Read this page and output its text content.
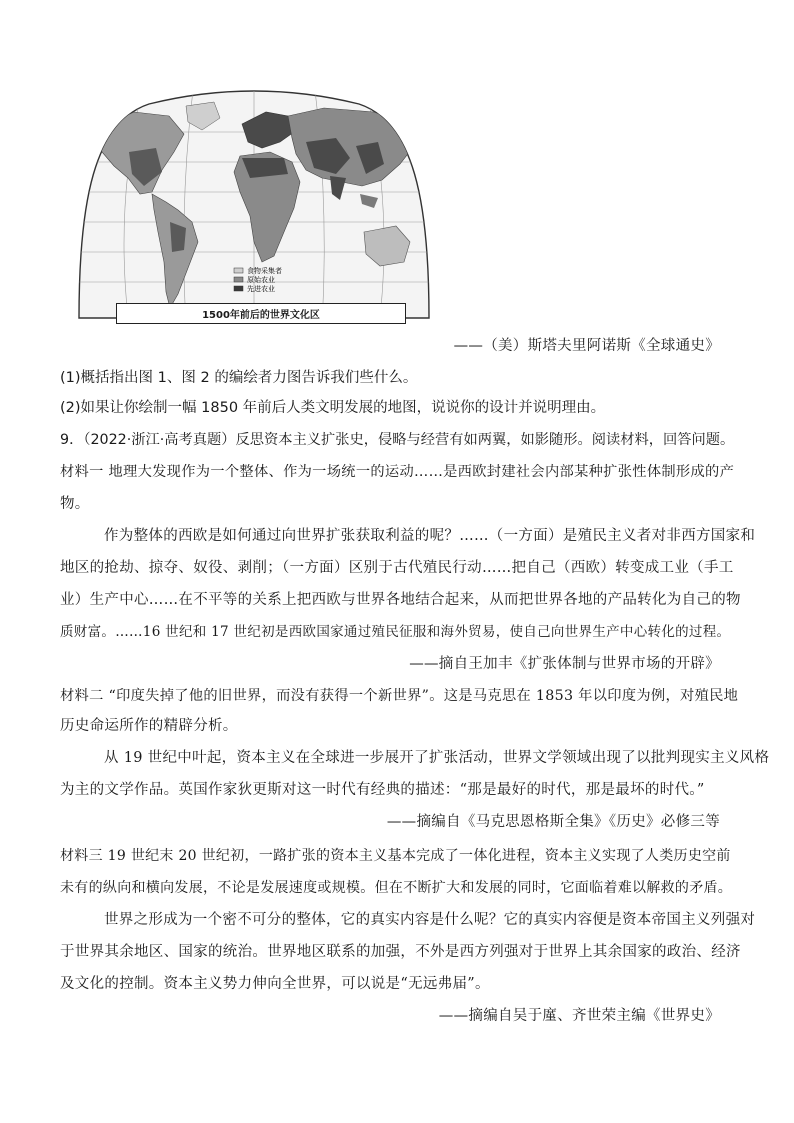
食物采集者
原始农业
先进农业
1500年前后的世界文化区
——（美）斯塔夫里阿诺斯《全球通史》
(1)概括指出图 1、图 2 的编绘者力图告诉我们些什么。
(2)如果让你绘制一幅 1850 年前后人类文明发展的地图，说说你的设计并说明理由。
9．（2022·浙江·高考真题）反思资本主义扩张史，侵略与经营有如两翼，如影随形。阅读材料，回答问题。
材料一 地理大发现作为一个整体、作为一场统一的运动……是西欧封建社会内部某种扩张性体制形成的产
物。
作为整体的西欧是如何通过向世界扩张获取利益的呢？……（一方面）是殖民主义者对非西方国家和
地区的抢劫、掠夺、奴役、剥削；（一方面）区别于古代殖民行动……把自己（西欧）转变成工业（手工
业）生产中心……在不平等的关系上把西欧与世界各地结合起来，从而把世界各地的产品转化为自己的物
质财富。……16 世纪和 17 世纪初是西欧国家通过殖民征服和海外贸易，使自己向世界生产中心转化的过程。
——摘自王加丰《扩张体制与世界市场的开辟》
材料二 “印度失掉了他的旧世界，而没有获得一个新世界”。这是马克思在 1853 年以印度为例，对殖民地
历史命运所作的精辟分析。
从 19 世纪中叶起，资本主义在全球进一步展开了扩张活动，世界文学领域出现了以批判现实主义风格
为主的文学作品。英国作家狄更斯对这一时代有经典的描述：“那是最好的时代，那是最坏的时代。”
——摘编自《马克思恩格斯全集》《历史》必修三等
材料三 19 世纪末 20 世纪初，一路扩张的资本主义基本完成了一体化进程，资本主义实现了人类历史空前
未有的纵向和横向发展，不论是发展速度或规模。但在不断扩大和发展的同时，它面临着难以解救的矛盾。
世界之形成为一个密不可分的整体，它的真实内容是什么呢？它的真实内容便是资本帝国主义列强对
于世界其余地区、国家的统治。世界地区联系的加强，不外是西方列强对于世界上其余国家的政治、经济
及文化的控制。资本主义势力伸向全世界，可以说是“无远弗届”。
——摘编自吴于廑、齐世荣主编《世界史》
